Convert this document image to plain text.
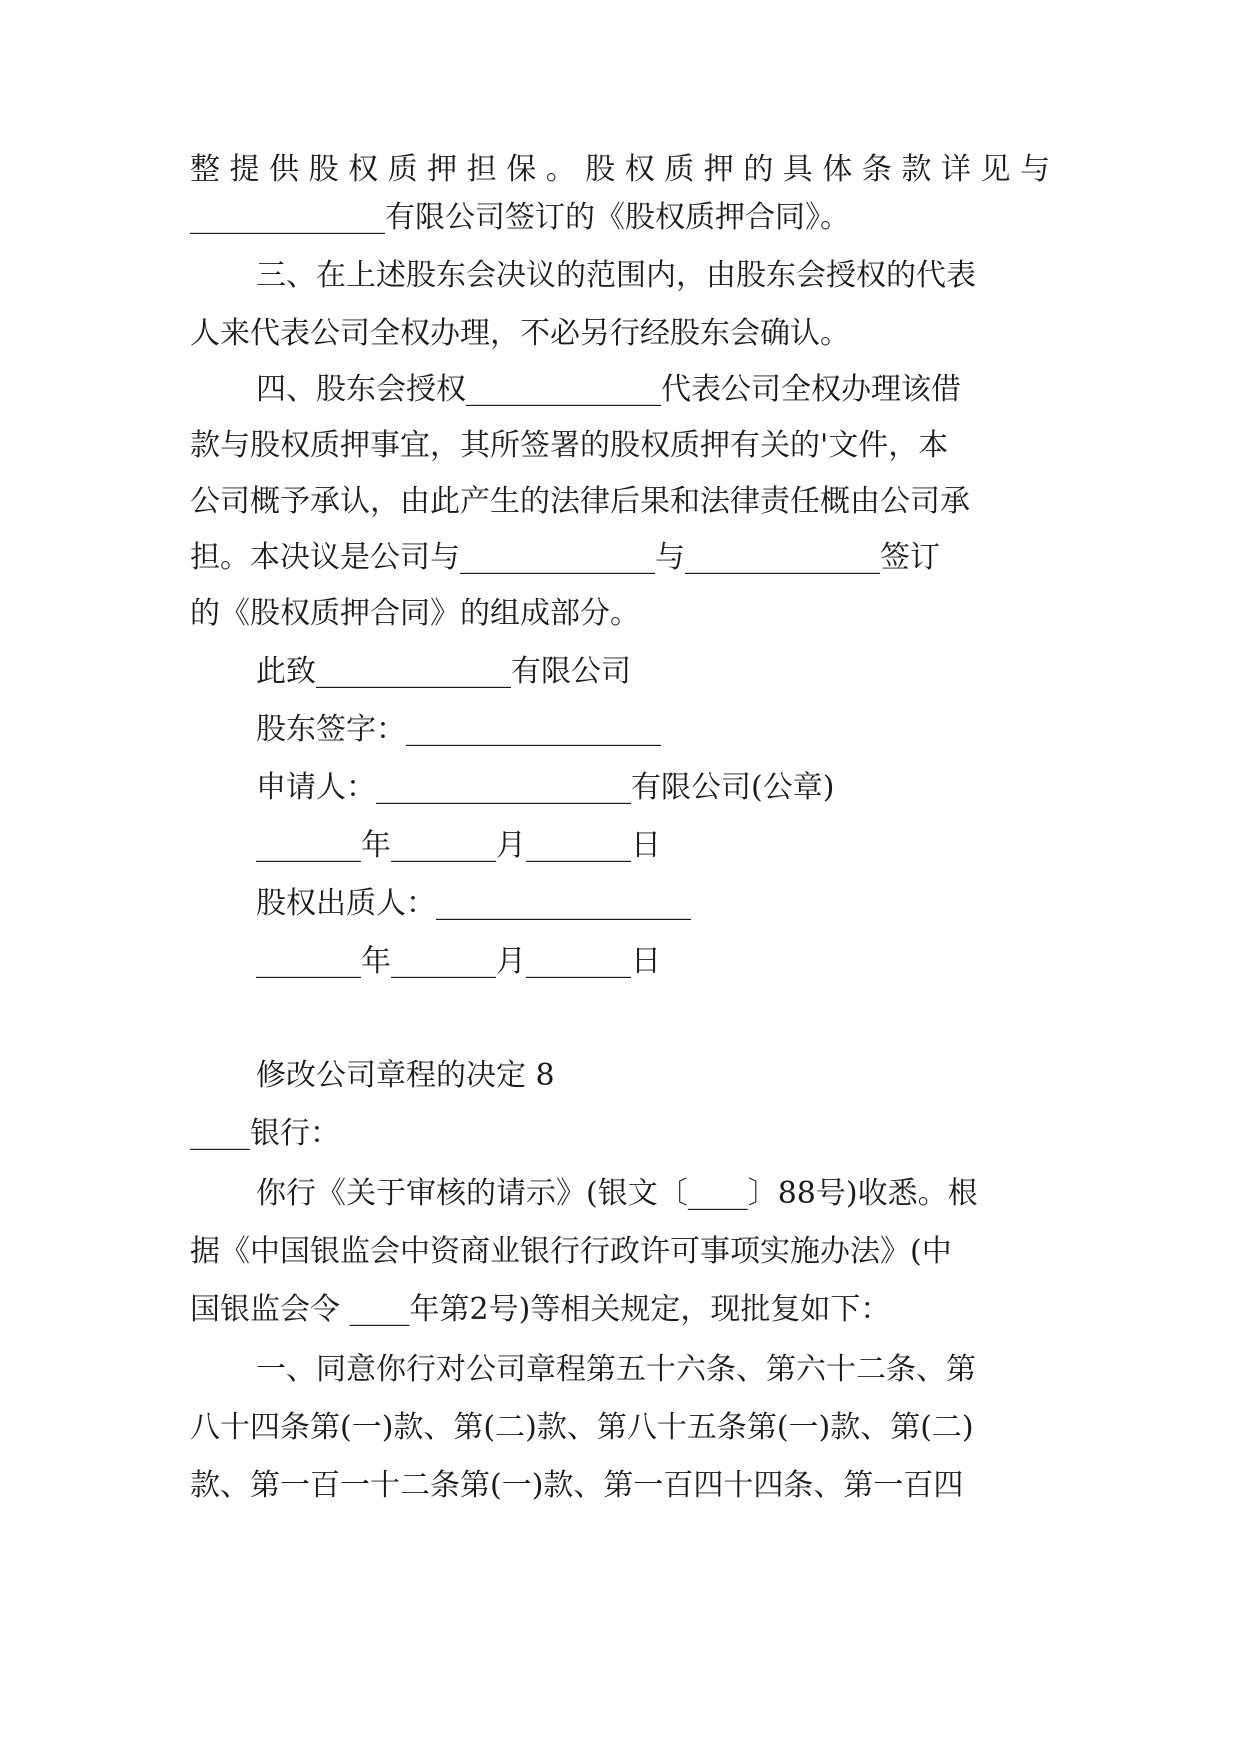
整提供股权质押担保。股权质押的具体条款详见与

_____________有限公司签订的《股权质押合同》。

三、在上述股东会决议的范围内，由股东会授权的代表

人来代表公司全权办理，不必另行经股东会确认。

四、股东会授权_____________代表公司全权办理该借

款与股权质押事宜，其所签署的股权质押有关的'文件，本

公司概予承认，由此产生的法律后果和法律责任概由公司承

担。本决议是公司与_____________与_____________签订

的《股权质押合同》的组成部分。

此致_____________有限公司

股东签字：_________________

申请人：_________________有限公司(公章)

_______年_______月_______日

股权出质人：_________________

_______年_______月_______日

修改公司章程的决定 8

____银行：

你行《关于审核的请示》(银文〔____〕88号)收悉。根

据《中国银监会中资商业银行行政许可事项实施办法》(中

国银监会令 ____年第2号)等相关规定，现批复如下：

一、同意你行对公司章程第五十六条、第六十二条、第

八十四条第(一)款、第(二)款、第八十五条第(一)款、第(二)

款、第一百一十二条第(一)款、第一百四十四条、第一百四
